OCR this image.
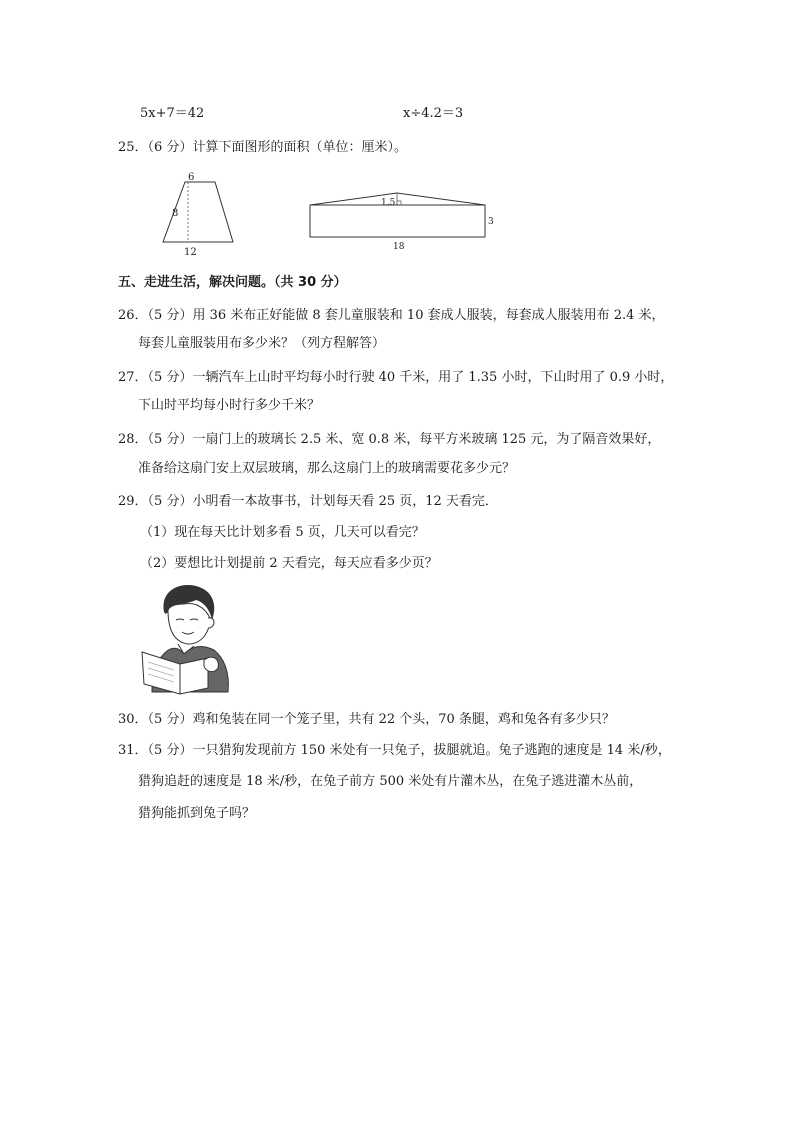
5x+7＝42	x÷4.2＝3
25．（6 分）计算下面图形的面积（单位：厘米）。
6
8
12
1.5
3
18
五、走进生活，解决问题。（共 30 分）
26．（5 分）用 36 米布正好能做 8 套儿童服装和 10 套成人服装，每套成人服装用布 2.4 米，
每套儿童服装用布多少米？（列方程解答）
27．（5 分）一辆汽车上山时平均每小时行驶 40 千米，用了 1.35 小时，下山时用了 0.9 小时，
下山时平均每小时行多少千米？
28．（5 分）一扇门上的玻璃长 2.5 米、宽 0.8 米，每平方米玻璃 125 元，为了隔音效果好，
准备给这扇门安上双层玻璃，那么这扇门上的玻璃需要花多少元？
29．（5 分）小明看一本故事书，计划每天看 25 页，12 天看完．
（1）现在每天比计划多看 5 页，几天可以看完？
（2）要想比计划提前 2 天看完，每天应看多少页？
30．（5 分）鸡和兔装在同一个笼子里，共有 22 个头，70 条腿，鸡和兔各有多少只？
31．（5 分）一只猎狗发现前方 150 米处有一只兔子，拔腿就追。兔子逃跑的速度是 14 米/秒，
猎狗追赶的速度是 18 米/秒，在兔子前方 500 米处有片灌木丛，在兔子逃进灌木丛前，
猎狗能抓到兔子吗？
